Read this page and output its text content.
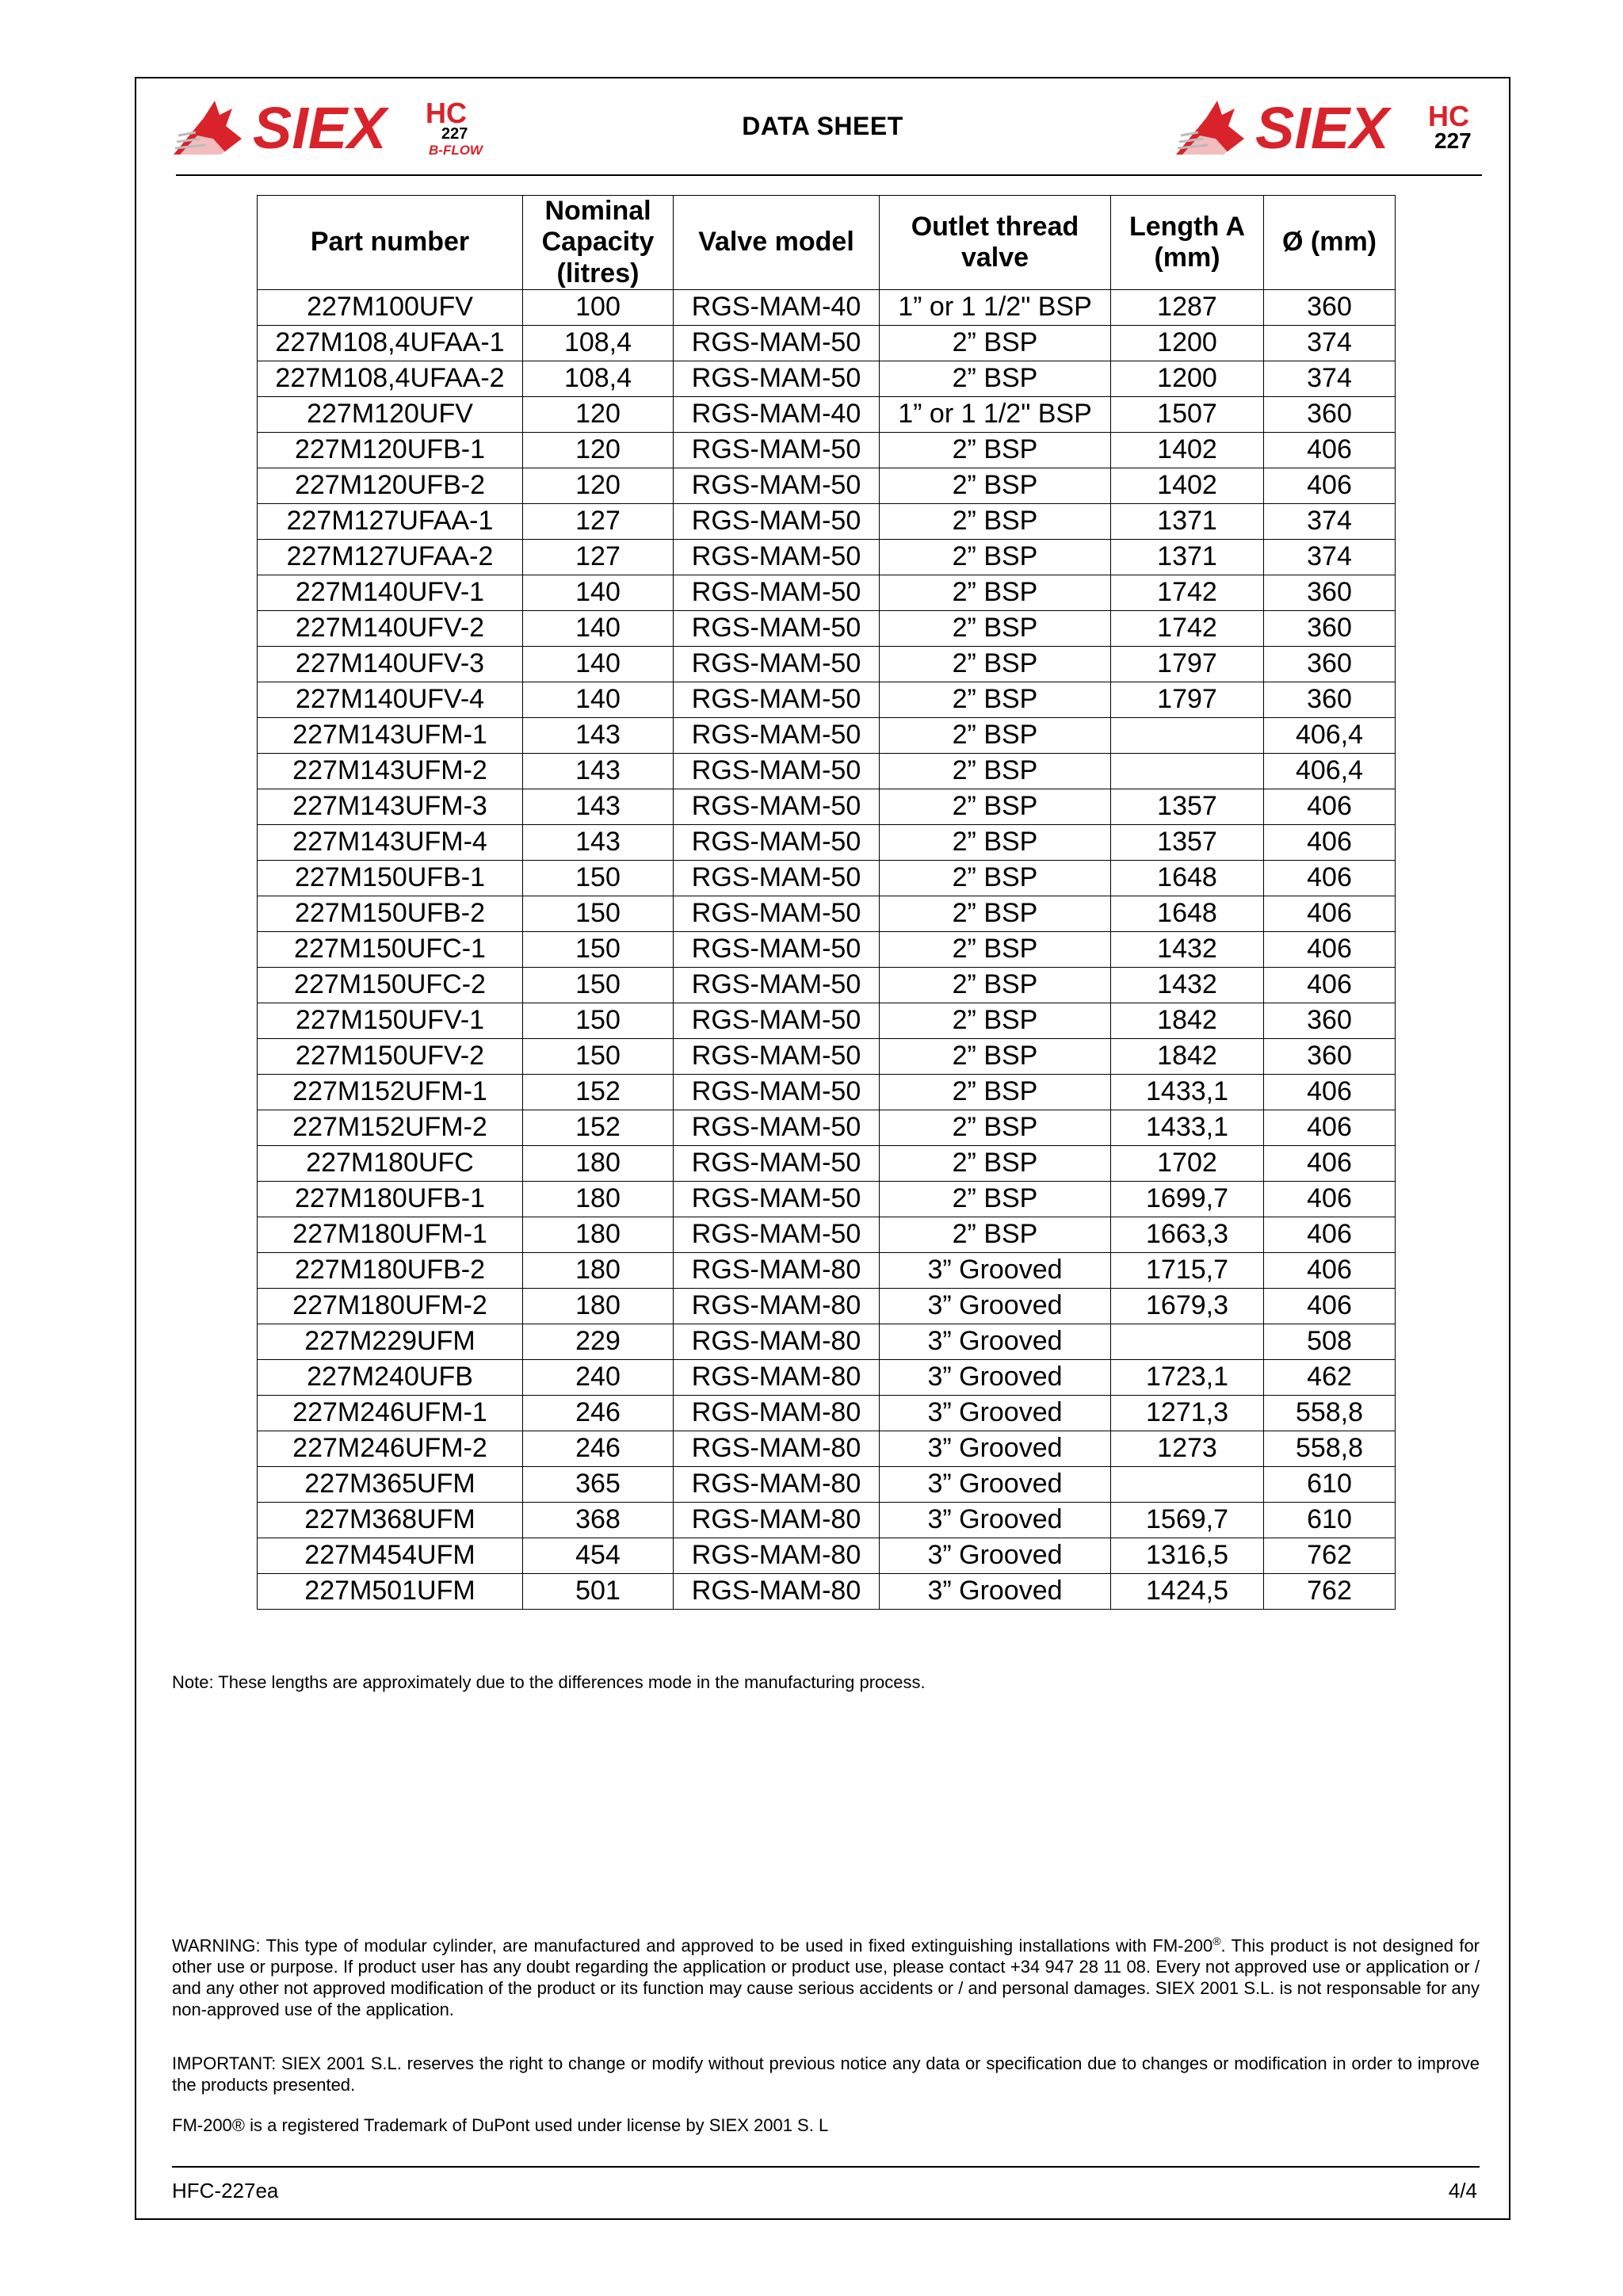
SIEX HC
227
B-FLOW
DATA SHEET	SIEX HC
227
Part number	Nominal Capacity (litres)	Valve model	Outlet thread valve	Length A (mm)	Ø (mm)
227M100UFV	100	RGS-MAM-40	1” or 1 1/2" BSP	1287	360
227M108,4UFAA-1	108,4	RGS-MAM-50	2” BSP	1200	374
227M108,4UFAA-2	108,4	RGS-MAM-50	2” BSP	1200	374
227M120UFV	120	RGS-MAM-40	1” or 1 1/2" BSP	1507	360
227M120UFB-1	120	RGS-MAM-50	2” BSP	1402	406
227M120UFB-2	120	RGS-MAM-50	2” BSP	1402	406
227M127UFAA-1	127	RGS-MAM-50	2” BSP	1371	374
227M127UFAA-2	127	RGS-MAM-50	2” BSP	1371	374
227M140UFV-1	140	RGS-MAM-50	2” BSP	1742	360
227M140UFV-2	140	RGS-MAM-50	2” BSP	1742	360
227M140UFV-3	140	RGS-MAM-50	2” BSP	1797	360
227M140UFV-4	140	RGS-MAM-50	2” BSP	1797	360
227M143UFM-1	143	RGS-MAM-50	2” BSP		406,4
227M143UFM-2	143	RGS-MAM-50	2” BSP		406,4
227M143UFM-3	143	RGS-MAM-50	2” BSP	1357	406
227M143UFM-4	143	RGS-MAM-50	2” BSP	1357	406
227M150UFB-1	150	RGS-MAM-50	2” BSP	1648	406
227M150UFB-2	150	RGS-MAM-50	2” BSP	1648	406
227M150UFC-1	150	RGS-MAM-50	2” BSP	1432	406
227M150UFC-2	150	RGS-MAM-50	2” BSP	1432	406
227M150UFV-1	150	RGS-MAM-50	2” BSP	1842	360
227M150UFV-2	150	RGS-MAM-50	2” BSP	1842	360
227M152UFM-1	152	RGS-MAM-50	2” BSP	1433,1	406
227M152UFM-2	152	RGS-MAM-50	2” BSP	1433,1	406
227M180UFC	180	RGS-MAM-50	2” BSP	1702	406
227M180UFB-1	180	RGS-MAM-50	2” BSP	1699,7	406
227M180UFM-1	180	RGS-MAM-50	2” BSP	1663,3	406
227M180UFB-2	180	RGS-MAM-80	3” Grooved	1715,7	406
227M180UFM-2	180	RGS-MAM-80	3” Grooved	1679,3	406
227M229UFM	229	RGS-MAM-80	3” Grooved		508
227M240UFB	240	RGS-MAM-80	3” Grooved	1723,1	462
227M246UFM-1	246	RGS-MAM-80	3” Grooved	1271,3	558,8
227M246UFM-2	246	RGS-MAM-80	3” Grooved	1273	558,8
227M365UFM	365	RGS-MAM-80	3” Grooved		610
227M368UFM	368	RGS-MAM-80	3” Grooved	1569,7	610
227M454UFM	454	RGS-MAM-80	3” Grooved	1316,5	762
227M501UFM	501	RGS-MAM-80	3” Grooved	1424,5	762
Note: These lengths are approximately due to the differences mode in the manufacturing process.
WARNING: This type of modular cylinder, are manufactured and approved to be used in fixed extinguishing installations with FM-200®. This product is not designed for other use or purpose. If product user has any doubt regarding the application or product use, please contact +34 947 28 11 08. Every not approved use or application or / and any other not approved modification of the product or its function may cause serious accidents or / and personal damages. SIEX 2001 S.L. is not responsable for any non-approved use of the application.
IMPORTANT: SIEX 2001 S.L. reserves the right to change or modify without previous notice any data or specification due to changes or modification in order to improve the products presented.
FM-200® is a registered Trademark of DuPont used under license by SIEX 2001 S. L
HFC-227ea	4/4
